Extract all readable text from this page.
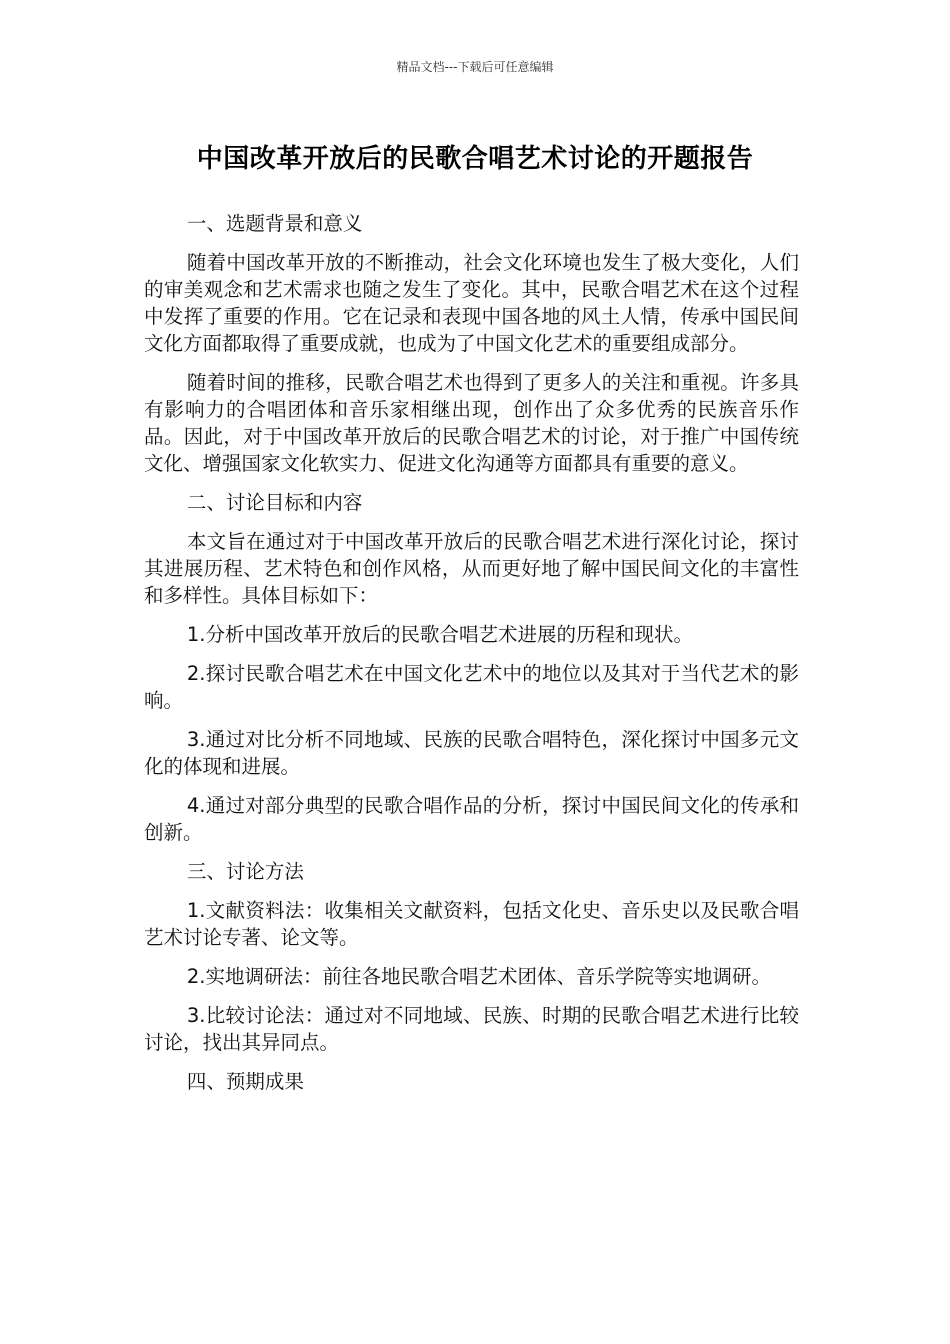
精品文档---下载后可任意编辑
中国改革开放后的民歌合唱艺术讨论的开题报告

一、选题背景和意义

随着中国改革开放的不断推动，社会文化环境也发生了极大变化，人们的审美观念和艺术需求也随之发生了变化。其中，民歌合唱艺术在这个过程中发挥了重要的作用。它在记录和表现中国各地的风土人情，传承中国民间文化方面都取得了重要成就，也成为了中国文化艺术的重要组成部分。

随着时间的推移，民歌合唱艺术也得到了更多人的关注和重视。许多具有影响力的合唱团体和音乐家相继出现，创作出了众多优秀的民族音乐作品。因此，对于中国改革开放后的民歌合唱艺术的讨论，对于推广中国传统文化、增强国家文化软实力、促进文化沟通等方面都具有重要的意义。

二、讨论目标和内容

本文旨在通过对于中国改革开放后的民歌合唱艺术进行深化讨论，探讨其进展历程、艺术特色和创作风格，从而更好地了解中国民间文化的丰富性和多样性。具体目标如下：

1.分析中国改革开放后的民歌合唱艺术进展的历程和现状。

2.探讨民歌合唱艺术在中国文化艺术中的地位以及其对于当代艺术的影响。

3.通过对比分析不同地域、民族的民歌合唱特色，深化探讨中国多元文化的体现和进展。

4.通过对部分典型的民歌合唱作品的分析，探讨中国民间文化的传承和创新。

三、讨论方法

1.文献资料法：收集相关文献资料，包括文化史、音乐史以及民歌合唱艺术讨论专著、论文等。

2.实地调研法：前往各地民歌合唱艺术团体、音乐学院等实地调研。

3.比较讨论法：通过对不同地域、民族、时期的民歌合唱艺术进行比较讨论，找出其异同点。

四、预期成果
